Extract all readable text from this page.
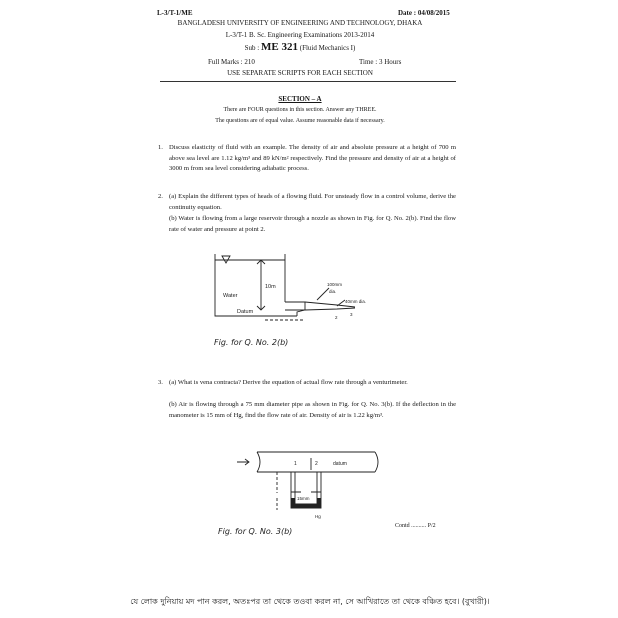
L-3/T-1/ME	Date : 04/08/2015
BANGLADESH UNIVERSITY OF ENGINEERING AND TECHNOLOGY, DHAKA
L-3/T-1 B. Sc. Engineering Examinations 2013-2014
Sub : ME 321 (Fluid Mechanics I)
Full Marks : 210	Time : 3 Hours
USE SEPARATE SCRIPTS FOR EACH SECTION
SECTION – A
There are FOUR questions in this section. Answer any THREE.
The questions are of equal value. Assume reasonable data if necessary.
1. Discuss elasticity of fluid with an example. The density of air and absolute pressure at a height of 700 m above sea level are 1.12 kg/m³ and 89 kN/m² respectively. Find the pressure and density of air at a height of 3000 m from sea level considering adiabatic process.
2. (a) Explain the different types of heads of a flowing fluid. For unsteady flow in a control volume, derive the continuity equation.
(b) Water is flowing from a large reservoir through a nozzle as shown in Fig. for Q. No. 2(b). Find the flow rate of water and pressure at point 2.
10m
Water
Datum
100mm
dia.
40mm dia.
2
3
Fig. for Q. No. 2(b)
3. (a) What is vena contracta? Derive the equation of actual flow rate through a venturimeter.
(b) Air is flowing through a 75 mm diameter pipe as shown in Fig. for Q. No. 3(b). If the deflection in the manometer is 15 mm of Hg, find the flow rate of air. Density of air is 1.22 kg/m³.
1	2	datum
15mm
Hg
Fig. for Q. No. 3(b)
Contd .......... P/2
যে লোক দুনিয়ায় মদ পান করল, অতঃপর তা থেকে তওবা করল না, সে আখিরাতে তা থেকে বঞ্চিত হবে। (বুখারী)।
